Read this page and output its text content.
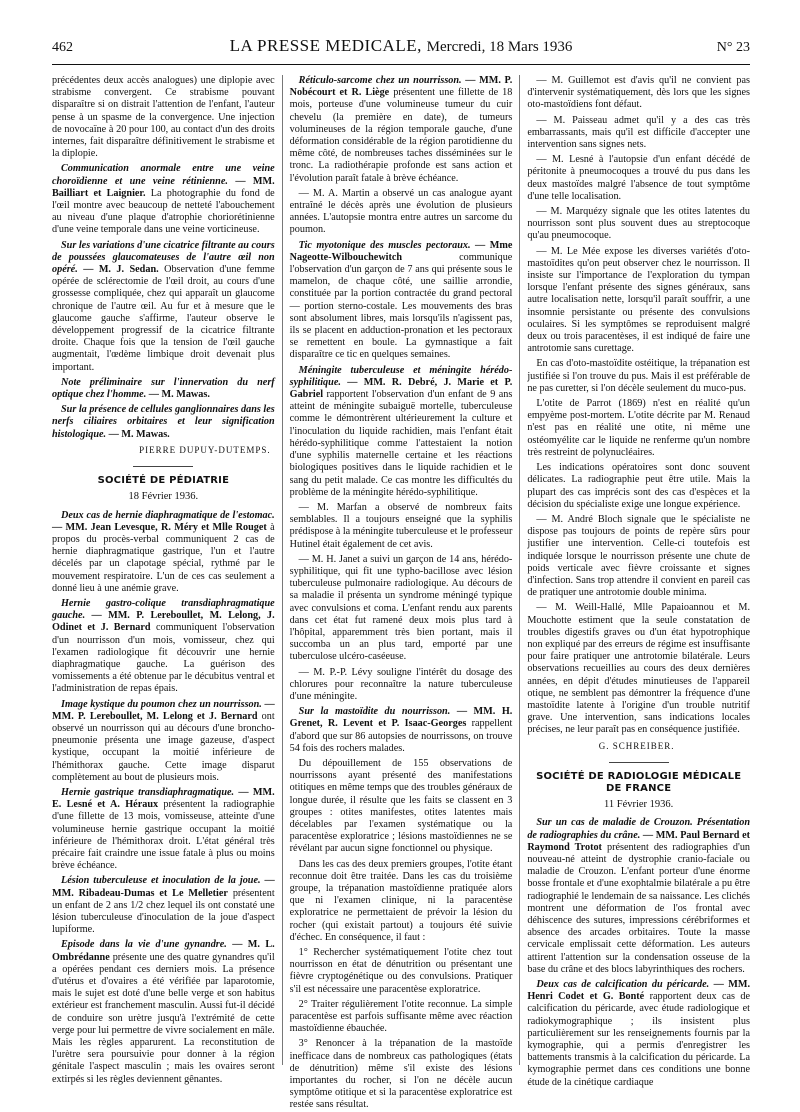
462	LA PRESSE MEDICALE, Mercredi, 18 Mars 1936	N° 23

précédentes deux accès analogues) une diplopie avec strabisme convergent. Ce strabisme pouvant disparaître si on distrait l'attention de l'enfant, l'auteur pense à un spasme de la convergence. Une injection de novocaïne à 20 pour 100, au contact d'un des droits internes, fait disparaître définitivement le strabisme et la diplopie.

Communication anormale entre une veine choroïdienne et une veine rétinienne. — MM. Bailliart et Laignier. La photographie du fond de l'œil montre avec beaucoup de netteté l'abouchement au niveau d'une plaque d'atrophie choriorétinienne d'une veine temporale dans une veine vorticineuse.

Sur les variations d'une cicatrice filtrante au cours de poussées glaucomateuses de l'autre œil non opéré. — M. J. Sedan. Observation d'une femme opérée de sclérectomie de l'œil droit, au cours d'une grossesse compliquée, chez qui apparaît un glaucome chronique de l'autre œil. Au fur et à mesure que le glaucome gauche s'affirme, l'auteur observe le développement progressif de la cicatrice filtrante droite. Chaque fois que la tension de l'œil gauche augmentait, l'œdème limbique droit devenait plus important.

Note préliminaire sur l'innervation du nerf optique chez l'homme. — M. Mawas.

Sur la présence de cellules ganglionnaires dans les nerfs ciliaires orbitaires et leur signification histologique. — M. Mawas.

PIERRE DUPUY-DUTEMPS.
SOCIÉTÉ DE PÉDIATRIE
18 Février 1936.

Deux cas de hernie diaphragmatique de l'estomac. — MM. Jean Levesque, R. Méry et Mlle Rouget à propos du procès-verbal communiquent 2 cas de hernie diaphragmatique gastrique, l'un et l'autre décelés par un clapotage spécial, rythmé par le mouvement respiratoire. L'un de ces cas seulement a donné lieu à une anémie grave.

Hernie gastro-colique transdiaphragmatique gauche. — MM. P. Lereboullet, M. Lelong, J. Odinet et J. Bernard communiquent l'observation d'un nourrisson d'un mois, vomisseur, chez qui l'examen radiologique fit découvrir une hernie diaphragmatique gauche. La guérison des vomissements a été obtenue par le décubitus ventral et l'administration de repas épais.

Image kystique du poumon chez un nourrisson. — MM. P. Lereboullet, M. Lelong et J. Bernard ont observé un nourrisson qui au décours d'une broncho-pneumonie présenta une image gazeuse, d'aspect kystique, occupant la moitié inférieure de l'hémithorax gauche. Cette image disparut complètement au bout de plusieurs mois.

Hernie gastrique transdiaphragmatique. — MM. E. Lesné et A. Héraux présentent la radiographie d'une fillette de 13 mois, vomisseuse, atteinte d'une volumineuse hernie gastrique occupant la moitié inférieure de l'hémithorax droit. L'état général très précaire fait craindre une issue fatale à plus ou moins brève échéance.

Lésion tuberculeuse et inoculation de la joue. — MM. Ribadeau-Dumas et Le Melletier présentent un enfant de 2 ans 1/2 chez lequel ils ont constaté une lésion tuberculeuse d'inoculation de la joue d'aspect lupiforme.

Episode dans la vie d'une gynandre. — M. L. Ombrédanne présente une des quatre gynandres qu'il a opérées pendant ces derniers mois. La présence d'utérus et d'ovaires a été vérifiée par laparotomie, mais le sujet est doté d'une belle verge et son habitus extérieur est franchement masculin. Aussi fut-il décidé de conduire son urètre jusqu'à l'extrémité de cette verge pour lui permettre de vivre socialement en mâle. Mais les règles apparurent. La reconstitution de l'urètre sera poursuivie pour donner à la région génitale l'aspect masculin ; mais les ovaires seront extirpés si les règles deviennent gênantes.

Réticulo-sarcome chez un nourrisson. — MM. P. Nobécourt et R. Liège présentent une fillette de 18 mois, porteuse d'une volumineuse tumeur du cuir chevelu (la première en date), de tumeurs volumineuses de la région temporale gauche, d'une déformation considérable de la région parotidienne du même côté, de nombreuses taches disséminées sur le tronc. La radiothérapie profonde est sans action et l'évolution paraît fatale à brève échéance.

— M. A. Martin a observé un cas analogue ayant entraîné le décès après une évolution de plusieurs années. L'autopsie montra entre autres un sarcome du poumon.

Tic myotonique des muscles pectoraux. — Mme Nageotte-Wilbouchewitch	communique l'observation d'un garçon de 7 ans qui présente sous le mamelon, de chaque côté, une saillie arrondie, constituée par la portion contractée du grand pectoral — portion sterno-costale. Les mouvements des bras sont absolument libres, mais lorsqu'ils n'agissent pas, ils se placent en adduction-pronation et les pectoraux se remettent en boule. La gymnastique a fait disparaître ce tic en quelques semaines.

Méningite tuberculeuse et méningite hérédo-syphilitique. — MM. R. Debré, J. Marie et P. Gabriel rapportent l'observation d'un enfant de 9 ans atteint de méningite subaiguë mortelle, tuberculeuse comme le démontrèrent ultérieurement la culture et l'inoculation du liquide rachidien, mais l'enfant était hérédo-syphilitique comme l'attestaient la notion d'une syphilis maternelle certaine et les réactions biologiques positives dans le liquide rachidien et le sang du petit malade. Ce cas montre les difficultés du problème de la méningite hérédo-syphilitique.

— M. Marfan a observé de nombreux faits semblables. Il a toujours enseigné que la syphilis prédispose à la méningite tuberculeuse et le professeur Hutinel était également de cet avis.

— M. H. Janet a suivi un garçon de 14 ans, hérédo-syphilitique, qui fit une typho-bacillose avec lésion tuberculeuse pulmonaire radiologique. Au décours de sa maladie il présenta un syndrome méningé typique avec convulsions et coma. L'enfant rendu aux parents dans cet état fut ramené deux mois plus tard à l'hôpital, apparemment très bien portant, mais il succomba un an plus tard, emporté par une tuberculose ulcéro-caséeuse.

— M. P.-P. Lévy souligne l'intérêt du dosage des chlorures pour reconnaître la nature tuberculeuse d'une méningite.

Sur la mastoïdite du nourrisson. — MM. H. Grenet, R. Levent et P. Isaac-Georges rappellent d'abord que sur 86 autopsies de nourrissons, on trouve 54 fois des rochers malades.

Du dépouillement de 155 observations de nourrissons ayant présenté des manifestations otitiques en même temps que des troubles généraux de longue durée, il résulte que les faits se classent en 3 groupes : otites manifestes, otites latentes mais décelables par l'examen systématique ou la paracentèse exploratrice ; lésions mastoïdiennes ne se révélant par aucun signe fonctionnel ou physique.

Dans les cas des deux premiers groupes, l'otite étant reconnue doit être traitée. Dans les cas du troisième groupe, la trépanation mastoïdienne pratiquée alors que ni l'examen clinique, ni la paracentèse exploratrice ne permettaient de prévoir la lésion du rocher (qui existait partout) a toujours été suivie d'échec. En conséquence, il faut :

1° Rechercher systématiquement l'otite chez tout nourrisson en état de dénutrition ou présentant une fièvre cryptogénétique ou des convulsions. Pratiquer s'il est nécessaire une paracentèse exploratrice.

2° Traiter régulièrement l'otite reconnue. La simple paracentèse est parfois suffisante même avec réaction mastoïdienne ébauchée.

3° Renoncer à la trépanation de la mastoïde inefficace dans de nombreux cas pathologiques (états de dénutrition) même s'il existe des lésions importantes du rocher, si l'on ne décèle aucun symptôme otitique et si la paracentèse exploratrice est restée sans résultat.

— M. Guillemot est d'avis qu'il ne convient pas d'intervenir systématiquement, dès lors que les signes oto-mastoïdiens font défaut.

— M. Paisseau admet qu'il y a des cas très embarrassants, mais qu'il est difficile d'accepter une intervention sans signes nets.

— M. Lesné à l'autopsie d'un enfant décédé de péritonite à pneumocoques a trouvé du pus dans les deux mastoïdes malgré l'absence de tout symptôme d'une telle localisation.

— M. Marquézy signale que les otites latentes du nourrisson sont plus souvent dues au streptocoque qu'au pneumocoque.

— M. Le Mée expose les diverses variétés d'oto-mastoïdites qu'on peut observer chez le nourrisson. Il insiste sur l'importance de l'exploration du tympan lorsque l'enfant présente des signes généraux, sans autre localisation nette, lorsqu'il paraît souffrir, a une insomnie persistante ou présente des convulsions oculaires. Si les symptômes se reproduisent malgré deux ou trois paracentèses, il est indiqué de faire une antrotomie sans curettage.

En cas d'oto-mastoïdite ostéitique, la trépanation est justifiée si l'on trouve du pus. Mais il est préférable de ne pas curetter, si l'on décèle seulement du muco-pus.

L'otite de Parrot (1869) n'est en réalité qu'un empyème post-mortem. L'otite décrite par M. Renaud n'est pas en réalité une otite, ni même une ostéomyélite car le liquide ne renferme qu'un nombre très restreint de polynucléaires.

Les indications opératoires sont donc souvent délicates. La radiographie peut être utile. Mais la plupart des cas imprécis sont des cas d'espèces et la décision du spécialiste exige une longue expérience.

— M. André Bloch signale que le spécialiste ne dispose pas toujours de points de repère sûrs pour justifier une intervention. Celle-ci toutefois est indiquée lorsque le nourrisson présente une chute de poids verticale avec fièvre croissante et signes d'infection. Sans trop attendre il convient en pareil cas de pratiquer une antrotomie double minima.

— M. Weill-Hallé, Mlle Papaioannou et M. Mouchotte estiment que la seule constatation de troubles digestifs graves ou d'un état hypotrophique non expliqué par des erreurs de régime est insuffisante pour faire pratiquer une antrotomie bilatérale. Leurs observations recueillies au cours des deux dernières années, en dépit d'études minutieuses de l'appareil otique, ne semblent pas démontrer la fréquence d'une mastoïdite latente à l'origine d'un trouble nutritif grave. Une intervention, sans indications locales précises, ne leur paraît pas en conséquence justifiée.

G. SCHREIBER.
SOCIÉTÉ DE RADIOLOGIE MÉDICALE DE FRANCE
11 Février 1936.

Sur un cas de maladie de Crouzon. Présentation de radiographies du crâne. — MM. Paul Bernard et Raymond Trotot présentent des radiographies d'un nouveau-né atteint de dystrophie cranio-faciale ou maladie de Crouzon. L'enfant porteur d'une énorme bosse frontale et d'une exophtalmie bilatérale a pu être radiographié le lendemain de sa naissance. Les clichés montrent une déformation de l'os frontal avec déhiscence des sutures, impressions cérébriformes et absence des arcades orbitaires. Toute la masse cervicale emplissait cette déformation. Les auteurs attirent l'attention sur la condensation osseuse de la base du crâne et des blocs labyrinthiques des rochers.

Deux cas de calcification du péricarde. — MM. Henri Codet et G. Bonté rapportent deux cas de calcification du péricarde, avec étude radiologique et radiokymographique ; ils insistent plus particulièrement sur les renseignements fournis par la kymographie, qui a permis d'enregistrer les battements transmis à la calcification du péricarde. La kymographie permet dans ces conditions une bonne étude de la cinétique cardiaque
